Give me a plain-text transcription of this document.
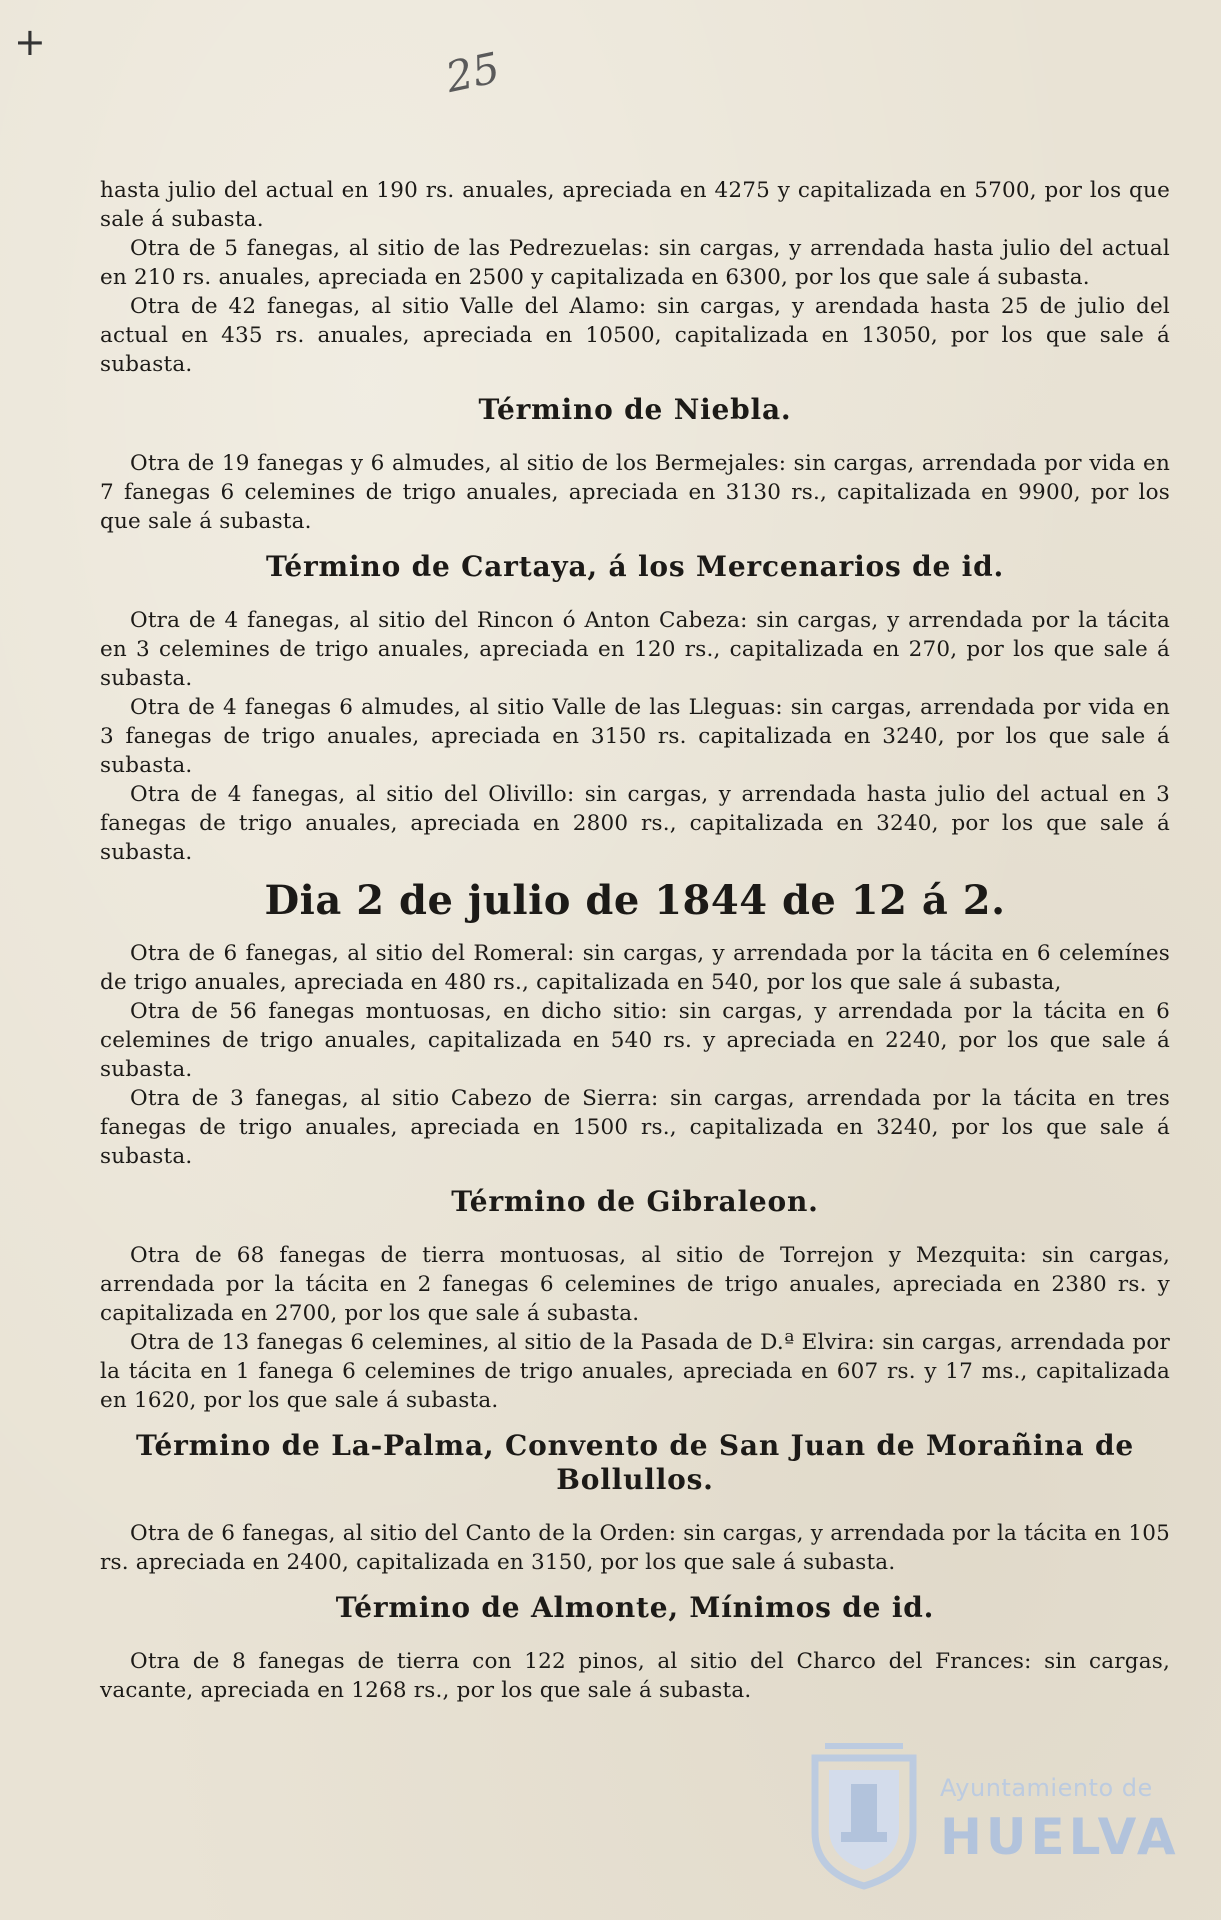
+
25

hasta julio del actual en 190 rs. anuales, apreciada en 4275 y capitalizada en 5700, por los que sale á subasta.

Otra de 5 fanegas, al sitio de las Pedrezuelas: sin cargas, y arrendada hasta julio del actual en 210 rs. anuales, apreciada en 2500 y capitalizada en 6300, por los que sale á subasta.

Otra de 42 fanegas, al sitio Valle del Alamo: sin cargas, y arendada hasta 25 de julio del actual en 435 rs. anuales, apreciada en 10500, capitalizada en 13050, por los que sale á subasta.

Término de Niebla.

Otra de 19 fanegas y 6 almudes, al sitio de los Bermejales: sin cargas, arrendada por vida en 7 fanegas 6 celemines de trigo anuales, apreciada en 3130 rs., capitalizada en 9900, por los que sale á subasta.

Término de Cartaya, á los Mercenarios de id.

Otra de 4 fanegas, al sitio del Rincon ó Anton Cabeza: sin cargas, y arrendada por la tácita en 3 celemines de trigo anuales, apreciada en 120 rs., capitalizada en 270, por los que sale á subasta.

Otra de 4 fanegas 6 almudes, al sitio Valle de las Lleguas: sin cargas, arrendada por vida en 3 fanegas de trigo anuales, apreciada en 3150 rs. capitalizada en 3240, por los que sale á subasta.

Otra de 4 fanegas, al sitio del Olivillo: sin cargas, y arrendada hasta julio del actual en 3 fanegas de trigo anuales, apreciada en 2800 rs., capitalizada en 3240, por los que sale á subasta.

Dia 2 de julio de 1844 de 12 á 2.

Otra de 6 fanegas, al sitio del Romeral: sin cargas, y arrendada por la tácita en 6 celemínes de trigo anuales, apreciada en 480 rs., capitalizada en 540, por los que sale á subasta,

Otra de 56 fanegas montuosas, en dicho sitio: sin cargas, y arrendada por la tácita en 6 celemines de trigo anuales, capitalizada en 540 rs. y apreciada en 2240, por los que sale á subasta.

Otra de 3 fanegas, al sitio Cabezo de Sierra: sin cargas, arrendada por la tácita en tres fanegas de trigo anuales, apreciada en 1500 rs., capitalizada en 3240, por los que sale á subasta.

Término de Gibraleon.

Otra de 68 fanegas de tierra montuosas, al sitio de Torrejon y Mezquita: sin cargas, arrendada por la tácita en 2 fanegas 6 celemines de trigo anuales, apreciada en 2380 rs. y capitalizada en 2700, por los que sale á subasta.

Otra de 13 fanegas 6 celemines, al sitio de la Pasada de D.ª Elvira: sin cargas, arrendada por la tácita en 1 fanega 6 celemines de trigo anuales, apreciada en 607 rs. y 17 ms., capitalizada en 1620, por los que sale á subasta.

Término de La-Palma, Convento de San Juan de Morañina de Bollullos.

Otra de 6 fanegas, al sitio del Canto de la Orden: sin cargas, y arrendada por la tácita en 105 rs. apreciada en 2400, capitalizada en 3150, por los que sale á subasta.

Término de Almonte, Mínimos de id.

Otra de 8 fanegas de tierra con 122 pinos, al sitio del Charco del Frances: sin cargas, vacante, apreciada en 1268 rs., por los que sale á subasta.

Ayuntamiento de
HUELVA
